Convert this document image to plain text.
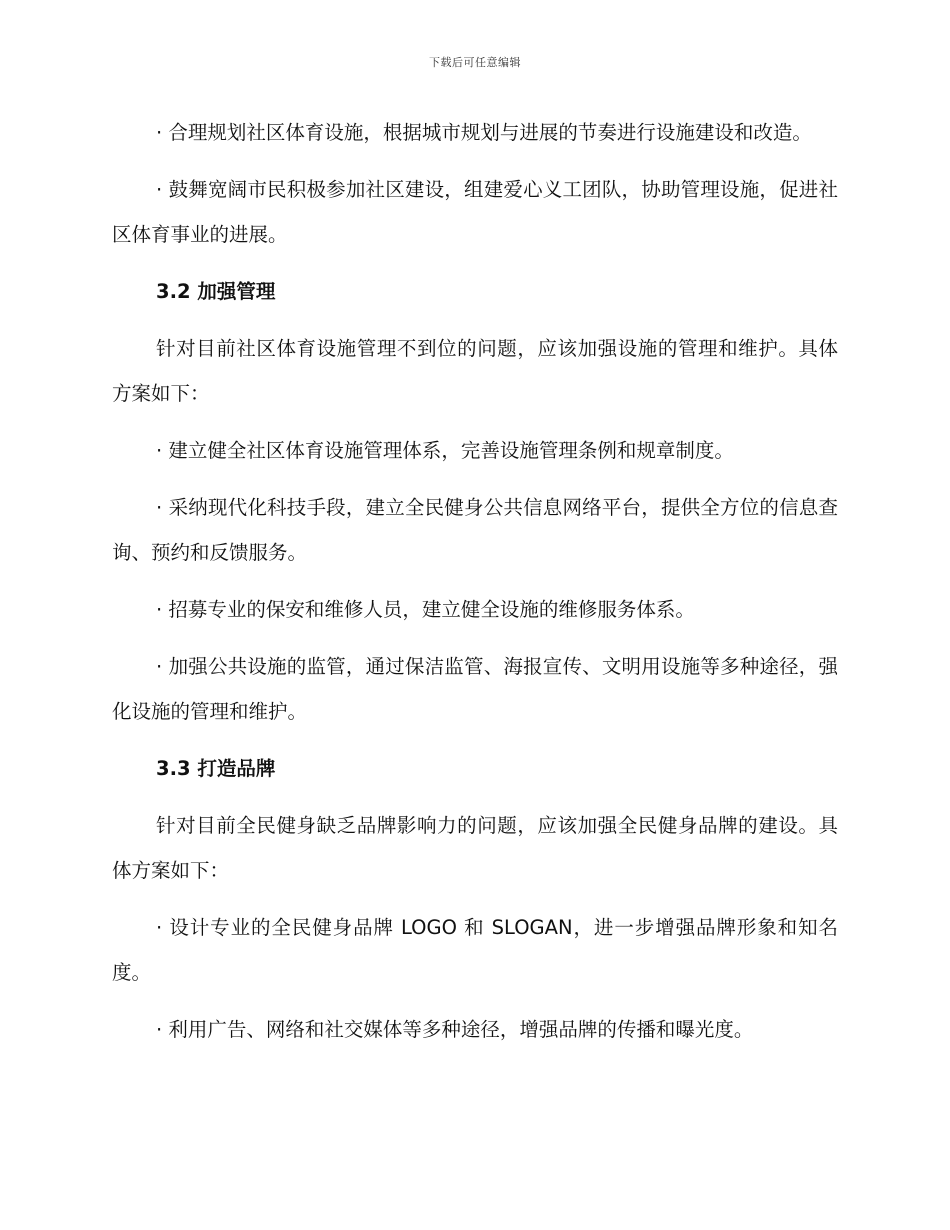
下载后可任意编辑

· 合理规划社区体育设施，根据城市规划与进展的节奏进行设施建设和改造。

· 鼓舞宽阔市民积极参加社区建设，组建爱心义工团队，协助管理设施，促进社区体育事业的进展。

3.2 加强管理

针对目前社区体育设施管理不到位的问题，应该加强设施的管理和维护。具体方案如下：

· 建立健全社区体育设施管理体系，完善设施管理条例和规章制度。

· 采纳现代化科技手段，建立全民健身公共信息网络平台，提供全方位的信息查询、预约和反馈服务。

· 招募专业的保安和维修人员，建立健全设施的维修服务体系。

· 加强公共设施的监管，通过保洁监管、海报宣传、文明用设施等多种途径，强化设施的管理和维护。

3.3 打造品牌

针对目前全民健身缺乏品牌影响力的问题，应该加强全民健身品牌的建设。具体方案如下：

· 设计专业的全民健身品牌 LOGO 和 SLOGAN，进一步增强品牌形象和知名度。

· 利用广告、网络和社交媒体等多种途径，增强品牌的传播和曝光度。
